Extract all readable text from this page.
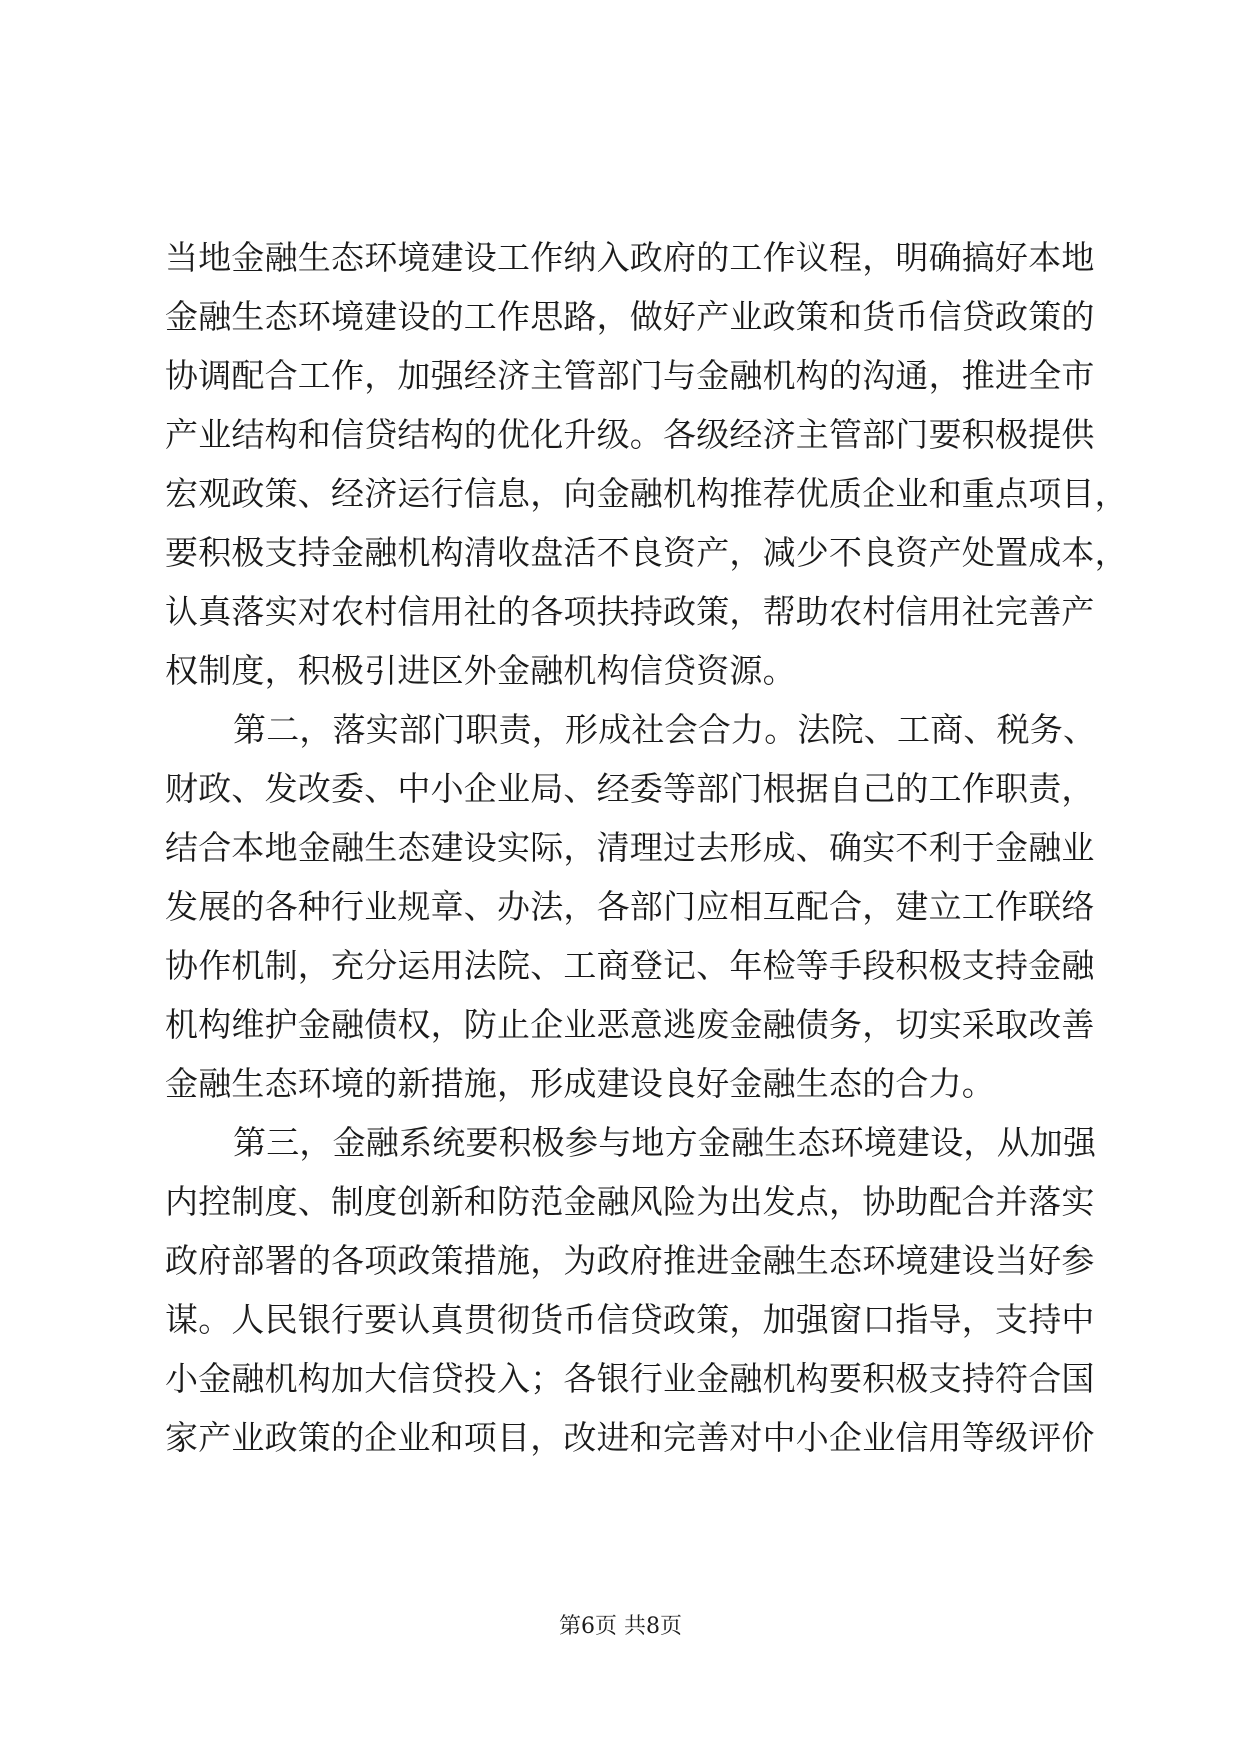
当地金融生态环境建设工作纳入政府的工作议程，明确搞好本地
金融生态环境建设的工作思路，做好产业政策和货币信贷政策的
协调配合工作，加强经济主管部门与金融机构的沟通，推进全市
产业结构和信贷结构的优化升级。各级经济主管部门要积极提供
宏观政策、经济运行信息，向金融机构推荐优质企业和重点项目，
要积极支持金融机构清收盘活不良资产，减少不良资产处置成本，
认真落实对农村信用社的各项扶持政策，帮助农村信用社完善产
权制度，积极引进区外金融机构信贷资源。
第二，落实部门职责，形成社会合力。法院、工商、税务、
财政、发改委、中小企业局、经委等部门根据自己的工作职责，
结合本地金融生态建设实际，清理过去形成、确实不利于金融业
发展的各种行业规章、办法，各部门应相互配合，建立工作联络
协作机制，充分运用法院、工商登记、年检等手段积极支持金融
机构维护金融债权，防止企业恶意逃废金融债务，切实采取改善
金融生态环境的新措施，形成建设良好金融生态的合力。
第三，金融系统要积极参与地方金融生态环境建设，从加强
内控制度、制度创新和防范金融风险为出发点，协助配合并落实
政府部署的各项政策措施，为政府推进金融生态环境建设当好参
谋。人民银行要认真贯彻货币信贷政策，加强窗口指导，支持中
小金融机构加大信贷投入；各银行业金融机构要积极支持符合国
家产业政策的企业和项目，改进和完善对中小企业信用等级评价
第6页 共8页
